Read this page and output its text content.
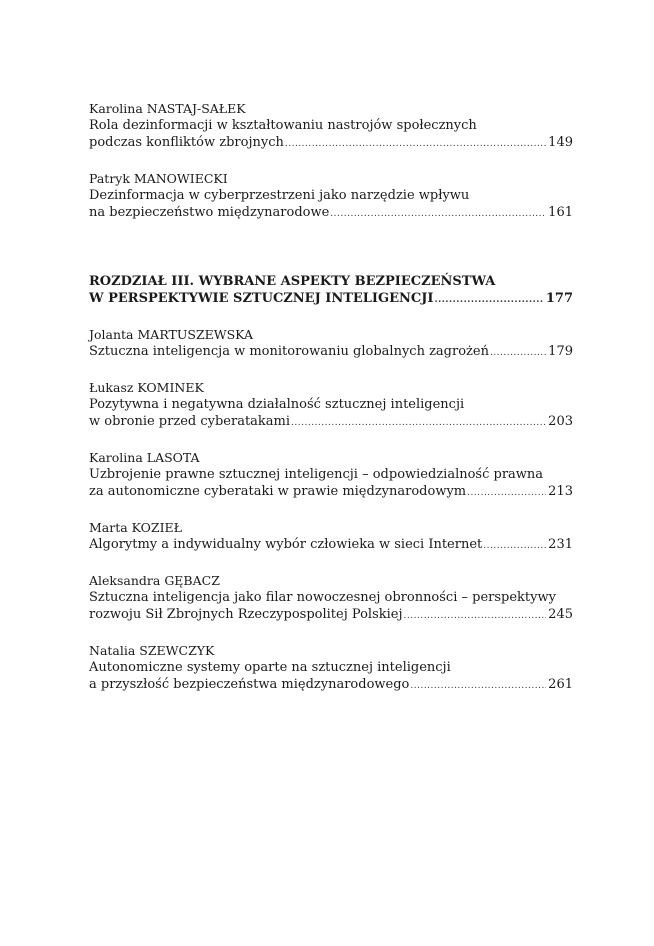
Karolina NASTAJ-SAŁEK
Rola dezinformacji w kształtowaniu nastrojów społecznych
podczas konfliktów zbrojnych .....	149
Patryk MANOWIECKI
Dezinformacja w cyberprzestrzeni jako narzędzie wpływu
na bezpieczeństwo międzynarodowe .....	161
ROZDZIAŁ III. WYBRANE ASPEKTY BEZPIECZEŃSTWA
W PERSPEKTYWIE SZTUCZNEJ INTELIGENCJI .....	177
Jolanta MARTUSZEWSKA
Sztuczna inteligencja w monitorowaniu globalnych zagrożeń .....	179
Łukasz KOMINEK
Pozytywna i negatywna działalność sztucznej inteligencji
w obronie przed cyberatakami .....	203
Karolina LASOTA
Uzbrojenie prawne sztucznej inteligencji – odpowiedzialność prawna
za autonomiczne cyberataki w prawie międzynarodowym .....	213
Marta KOZIEŁ
Algorytmy a indywidualny wybór człowieka w sieci Internet .....	231
Aleksandra GĘBACZ
Sztuczna inteligencja jako filar nowoczesnej obronności – perspektywy
rozwoju Sił Zbrojnych Rzeczypospolitej Polskiej .....	245
Natalia SZEWCZYK
Autonomiczne systemy oparte na sztucznej inteligencji
a przyszłość bezpieczeństwa międzynarodowego .....	261
